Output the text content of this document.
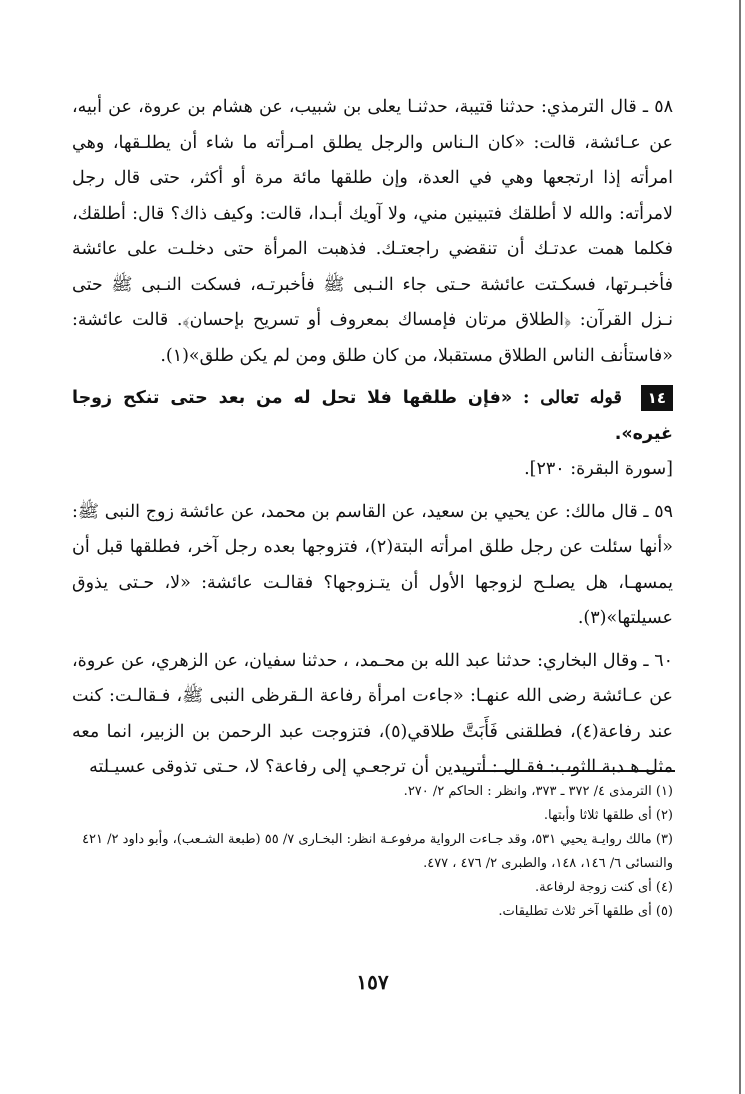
٥٨ ـ قال الترمذي: حدثنا قتيبة، حدثنـا يعلى بن شبيب، عن هشام بن عروة، عن أبيه، عن عـائشة، قالت: «كان الـناس والرجل يطلق امـرأته ما شاء أن يطلـقها، وهي امرأته إذا ارتجعها وهي في العدة، وإن طلقها مائة مرة أو أكثر، حتى قال رجل لامرأته: والله لا أطلقك فتبينين مني، ولا آويك أبـدا، قالت: وكيف ذاك؟ قال: أطلقك، فكلما همت عدتـك أن تنقضي راجعتـك. فذهبت المرأة حتى دخلـت على عائشة فأخبـرتها، فسكـتت عائشة حـتى جاء النـبى ﷺ فأخبرتـه، فسكت النـبى ﷺ حتى نـزل القرآن: ﴿الطلاق مرتان فإمساك بمعروف أو تسريح بإحسان﴾. قالت عائشة: «فاستأنف الناس الطلاق مستقبلا، من كان طلق ومن لم يكن طلق»(١).

١٤ قوله تعالى : «فإن طلقها فلا تحل له من بعد حتى تنكح زوجا غيره».
[سورة البقرة: ٢٣٠].

٥٩ ـ قال مالك: عن يحيي بن سعيد، عن القاسم بن محمد، عن عائشة زوج النبى ﷺ: «أنها سئلت عن رجل طلق امرأته البتة(٢)، فتزوجها بعده رجل آخر، فطلقها قبل أن يمسهـا، هل يصلـح لزوجها الأول أن يتـزوجها؟ فقالـت عائشة: «لا، حـتى يذوق عسيلتها»(٣).

٦٠ ـ وقال البخاري: حدثنا عبد الله بن محـمد، ، حدثنا سفيان، عن الزهري، عن عروة، عن عـائشة رضى الله عنهـا: «جاءت امرأة رفاعة الـقرظى النبى ﷺ، فـقالـت: كنت عند رفاعة(٤)، فطلقنى فَأَبَتَّ طلاقي(٥)، فتزوجت عبد الرحمن بن الزبير، انما معه مثل هـدبة الثوب: فقـال : أتريدين أن ترجعـي إلى رفاعة؟ لا، حـتى تذوقى عسيـلته

(١) الترمذى ٤/ ٣٧٢ ـ ٣٧٣، وانظر : الحاكم ٢/ ٢٧٠.

(٢) أى طلقها ثلاثا وأبتها.

(٣) مالك روايـة يحيي ٥٣١، وقد جـاءت الرواية مرفوعـة انظر: البخـارى ٧/ ٥٥ (طبعة الشـعب)، وأبو داود ٢/ ٤٢١ والنسائى ٦/ ١٤٦، ١٤٨، والطبرى ٢/ ٤٧٦ ، ٤٧٧.

(٤) أى كنت زوجة لرفاعة.

(٥) أى طلقها آخر ثلاث تطليقات.

١٥٧
